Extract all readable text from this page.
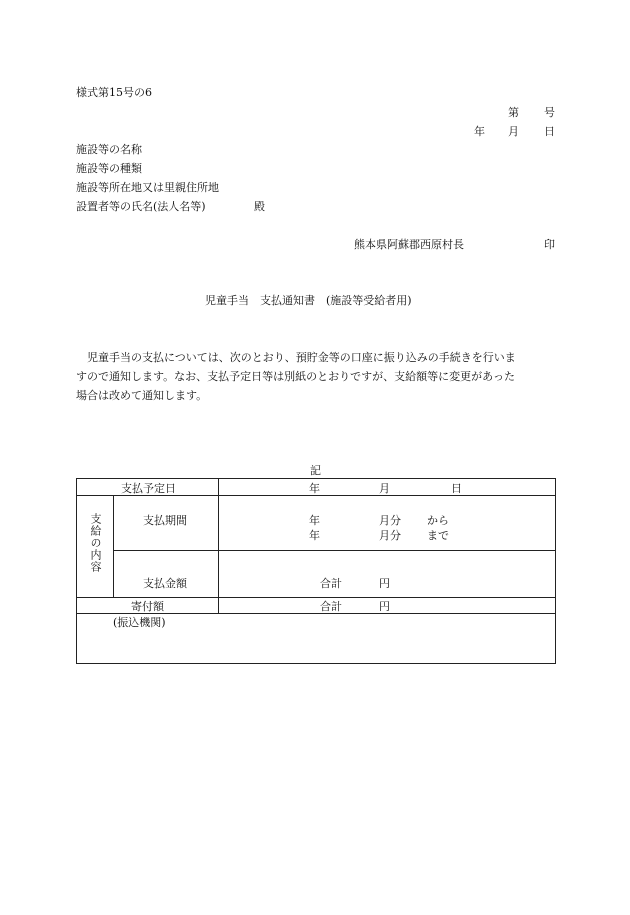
様式第15号の6
第 号
年 月 日
施設等の名称
施設等の種類
施設等所在地又は里親住所地
設置者等の氏名(法人名等)	殿
熊本県阿蘇郡西原村長	印
児童手当　支払通知書　(施設等受給者用)
児童手当の支払については、次のとおり、預貯金等の口座に振り込みの手続きを行いま
すので通知します。なお、支払予定日等は別紙のとおりですが、支給額等に変更があった
場合は改めて通知します。
記
支払予定日	年	月	日
支給の内容	支払期間	年	月分 から
年	月分 まで
支払金額	合計	円
寄付額	合計	円
(振込機関)
